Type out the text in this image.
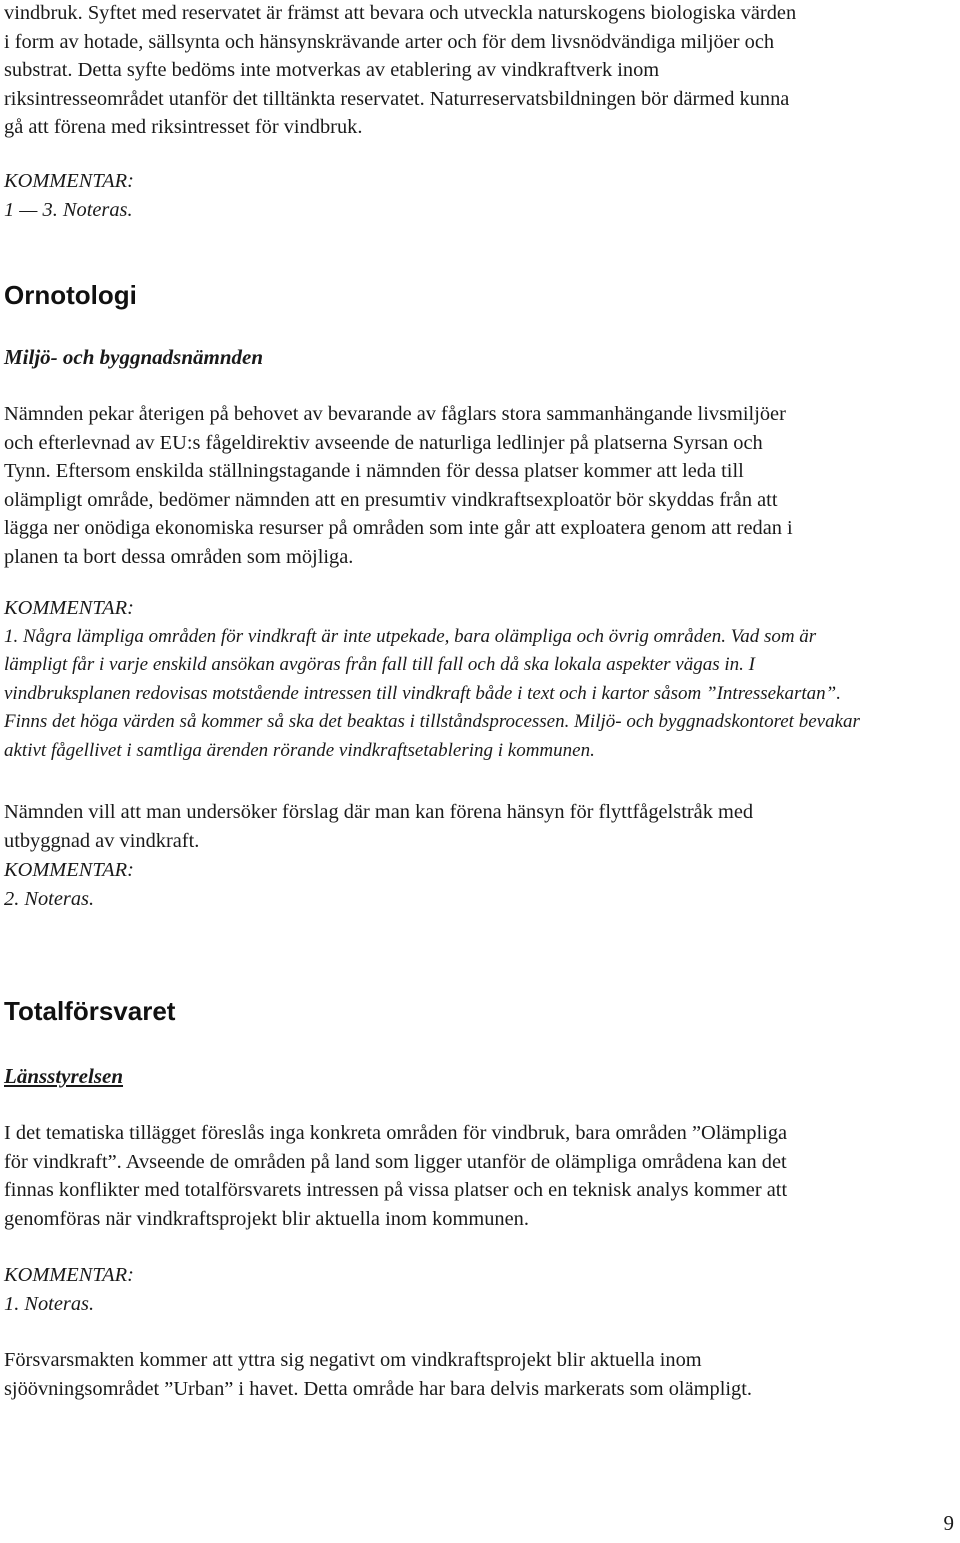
vindbruk. Syftet med reservatet är främst att bevara och utveckla naturskogens biologiska värden
i form av hotade, sällsynta och hänsynskrävande arter och för dem livsnödvändiga miljöer och
substrat. Detta syfte bedöms inte motverkas av etablering av vindkraftverk inom
riksintresseområdet utanför det tilltänkta reservatet. Naturreservatsbildningen bör därmed kunna
gå att förena med riksintresset för vindbruk.
KOMMENTAR:
1 — 3. Noteras.
Ornotologi
Miljö- och byggnadsnämnden
Nämnden pekar återigen på behovet av bevarande av fåglars stora sammanhängande livsmiljöer
och efterlevnad av EU:s fågeldirektiv avseende de naturliga ledlinjer på platserna Syrsan och
Tynn. Eftersom enskilda ställningstagande i nämnden för dessa platser kommer att leda till
olämpligt område, bedömer nämnden att en presumtiv vindkraftsexploatör bör skyddas från att
lägga ner onödiga ekonomiska resurser på områden som inte går att exploatera genom att redan i
planen ta bort dessa områden som möjliga.
KOMMENTAR:
1. Några lämpliga områden för vindkraft är inte utpekade, bara olämpliga och övrig områden. Vad som är
lämpligt får i varje enskild ansökan avgöras från fall till fall och då ska lokala aspekter vägas in. I
vindbruksplanen redovisas motstående intressen till vindkraft både i text och i kartor såsom ”Intressekartan”.
Finns det höga värden så kommer så ska det beaktas i tillståndsprocessen. Miljö- och byggnadskontoret bevakar
aktivt fågellivet i samtliga ärenden rörande vindkraftsetablering i kommunen.
Nämnden vill att man undersöker förslag där man kan förena hänsyn för flyttfågelstråk med
utbyggnad av vindkraft.
KOMMENTAR:
2. Noteras.
Totalförsvaret
Länsstyrelsen
I det tematiska tillägget föreslås inga konkreta områden för vindbruk, bara områden ”Olämpliga
för vindkraft”. Avseende de områden på land som ligger utanför de olämpliga områdena kan det
finnas konflikter med totalförsvarets intressen på vissa platser och en teknisk analys kommer att
genomföras när vindkraftsprojekt blir aktuella inom kommunen.
KOMMENTAR:
1. Noteras.
Försvarsmakten kommer att yttra sig negativt om vindkraftsprojekt blir aktuella inom
sjöövningsområdet ”Urban” i havet. Detta område har bara delvis markerats som olämpligt.
9
